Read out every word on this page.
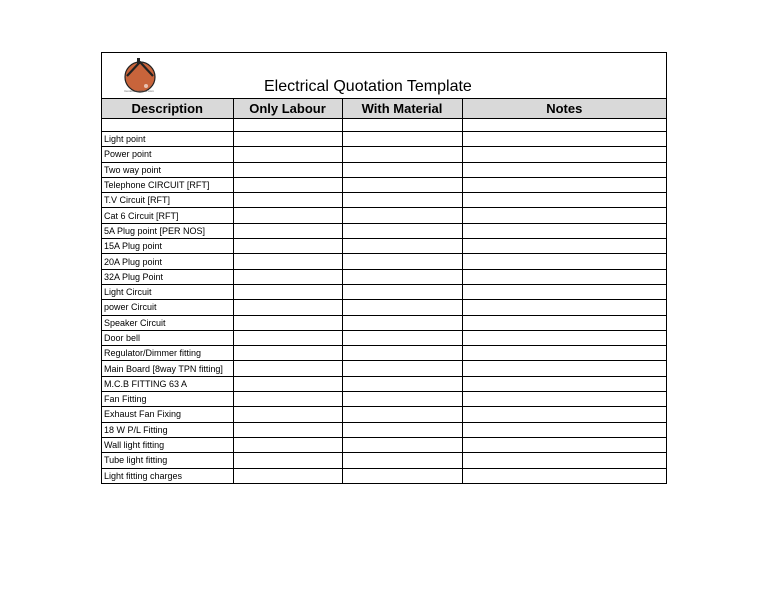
ConstructorWiser.com	Electrical Quotation Template
Description	Only Labour	With Material	Notes

Light point			
Power point			
Two way point			
Telephone CIRCUIT [RFT]			
T.V Circuit [RFT]			
Cat 6 Circuit [RFT]			
5A Plug point [PER NOS]			
15A Plug point			
20A Plug point			
32A Plug Point			
Light Circuit			
power Circuit			
Speaker Circuit			
Door bell			
Regulator/Dimmer fitting			
Main Board [8way TPN fitting]			
M.C.B FITTING 63 A			
Fan Fitting			
Exhaust Fan Fixing			
18 W P/L Fitting			
Wall light fitting			
Tube light fitting			
Light fitting charges			
